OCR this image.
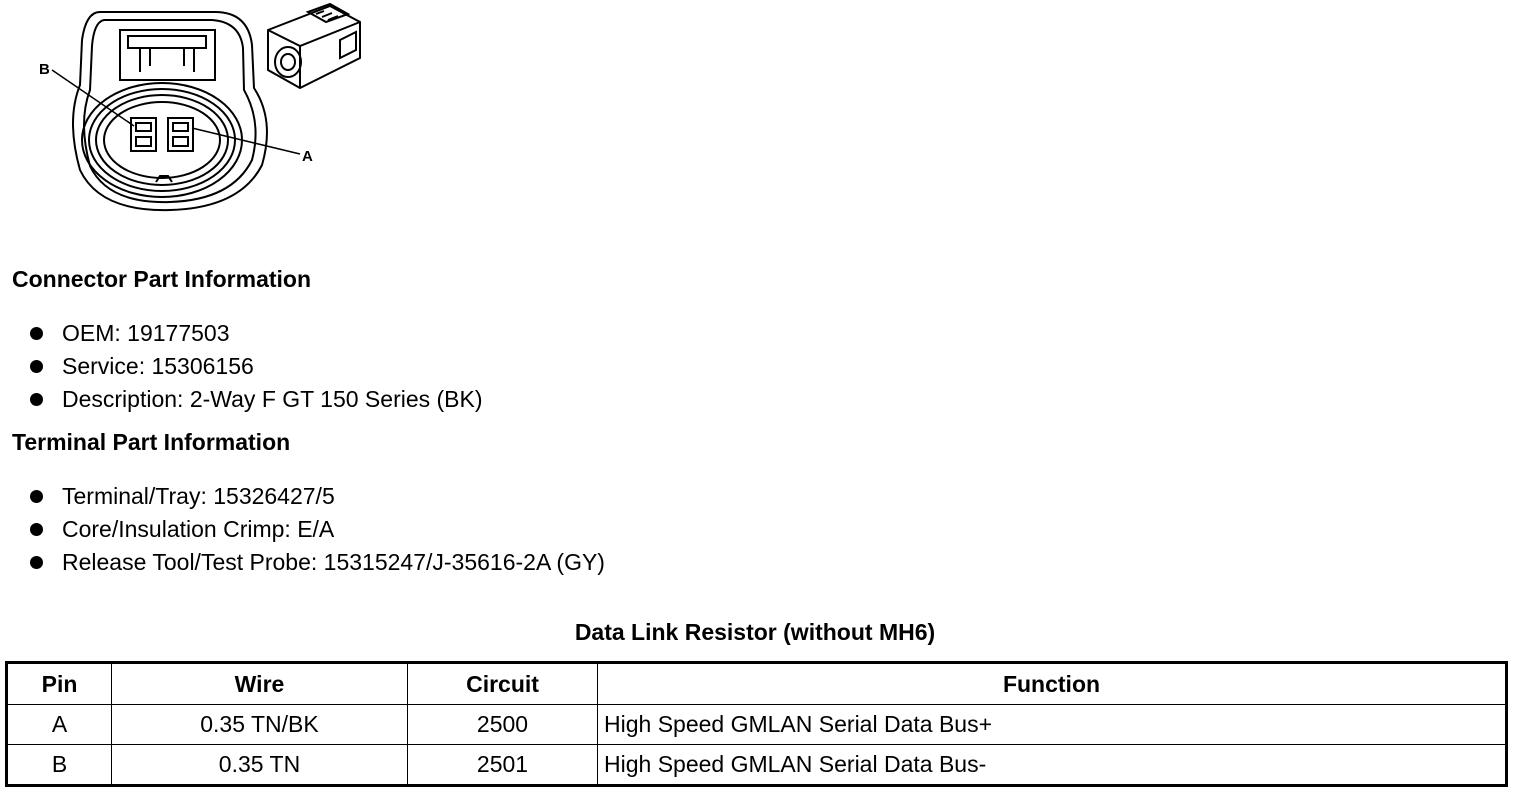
B
A
Connector Part Information
OEM: 19177503
Service: 15306156
Description: 2-Way F GT 150 Series (BK)
Terminal Part Information
Terminal/Tray: 15326427/5
Core/Insulation Crimp: E/A
Release Tool/Test Probe: 15315247/J-35616-2A (GY)
Data Link Resistor (without MH6)
Pin	Wire	Circuit	Function
A	0.35 TN/BK	2500	High Speed GMLAN Serial Data Bus+
B	0.35 TN	2501	High Speed GMLAN Serial Data Bus-
